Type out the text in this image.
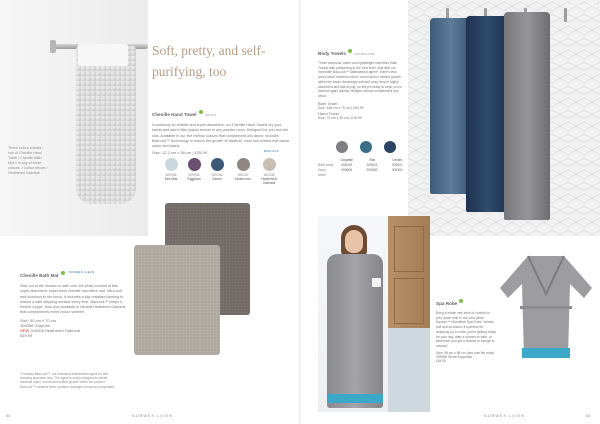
These colour shades / hue of Chenille Hand Towel / Chenille Bath Mat // in any of these colours. / Colour shown / Heathered Oatmeal
Soft, pretty, and self-purifying, too
Chenille Hand Towel	CMC/HT
Luxuriously so reliable and super-absorbent, our Chenille Hand Towels dry your hands and add a little playful texture to any powder room. Designed for you and the kids. Available in our five mellow colours that complement any décor. Includes BacLock™ technology to reduce the growth of bacteria, mold and mildew that cause odour and stains.
Size: 12.2 cm x 38 cm | £25.99	BACLOCK
309036
Sea Mist
309033
Eggplant
309164
Denim
360102
Mushroom
362035
Heathered Oatmeal
Chenille Bath Mat NORWEX CLEAN
Step out of the shower or bath onto the plush comfort of this super-absorbent, super-thick chenille microfibre mat. Ultra-soft and luxurious to the touch, it includes a slip-resistant backing to ensure a safe stepping surface every time. BacLock™ keeps it fresher longer. Now also available in Neutral Heathered Oatmeal that complements every colour scheme.
Size: 50 cm x 70 cm
309086 Graphite
NEW 310005 Heathered Oatmeal
£69.99
*Contains BacLock™, our exclusive antibacterial agent for self-cleaning purposes only. The agent is solely designed to inhibit bacterial odour, mould and mildew growth within the product. BacLock™ contains silver (sodium hydrogen zirconium phosphate).
60	NORWEX LIVEN
FRESH & BODY
Body Towels	CMC/BT/HTNE
These luxurious, warm and lightweight microfibre Bath Towels take pampering to the next level. And with our incredible BacLock™ antibacterial agent*, there's less worry about bacterial odour, mould and/or mildew growth within the towel. Amazingly soft and cosy, they're highly absorbent and fast-drying, so they're ready to wrap you in comfort again quickly. Multiple colours complement any décor.
Bath Towel
Size: 148 cm x 70 cm | £54.99
Hand Towel
Size: 70 cm x 35 cm | £16.99
Graphite	Teal	Denim
Bath towel	306025	309624	309901
Hand towel
309606	309982	309351
Spa Robe
Bring a whole new level of comfort to your down time in our ultra-plush Norwex™ Microfibre Spa Robe. Velvety soft and luxurious, it's perfect for wrapping up in when you're getting ready for your day, after a shower or bath, or whenever you get a chance to lounge or unwind!
Size: 98 cm x 98 cm (one size fits most)
309968 Stone/Turquoise
£64.99
NORWEX LIVEN	61
